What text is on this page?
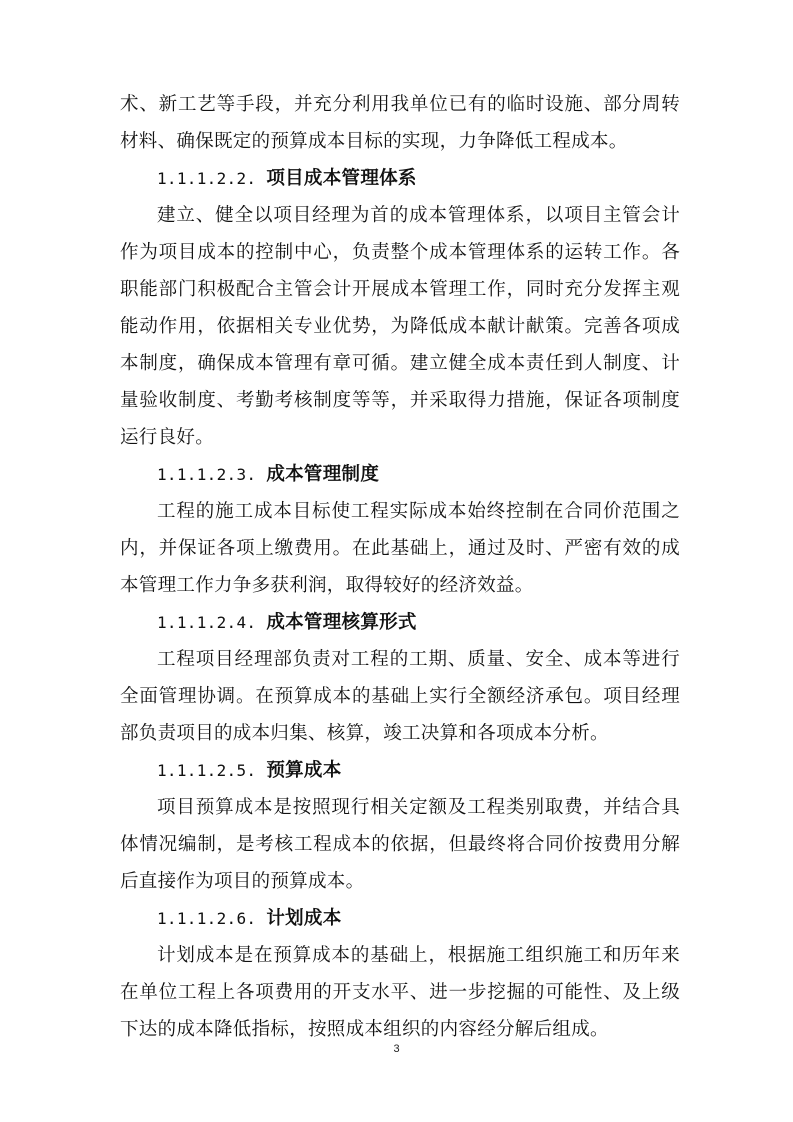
术、新工艺等手段，并充分利用我单位已有的临时设施、部分周转材料、确保既定的预算成本目标的实现，力争降低工程成本。

1.1.1.2.2. 项目成本管理体系

建立、健全以项目经理为首的成本管理体系，以项目主管会计作为项目成本的控制中心，负责整个成本管理体系的运转工作。各职能部门积极配合主管会计开展成本管理工作，同时充分发挥主观能动作用，依据相关专业优势，为降低成本献计献策。完善各项成本制度，确保成本管理有章可循。建立健全成本责任到人制度、计量验收制度、考勤考核制度等等，并采取得力措施，保证各项制度运行良好。

1.1.1.2.3. 成本管理制度

工程的施工成本目标使工程实际成本始终控制在合同价范围之内，并保证各项上缴费用。在此基础上，通过及时、严密有效的成本管理工作力争多获利润，取得较好的经济效益。

1.1.1.2.4. 成本管理核算形式

工程项目经理部负责对工程的工期、质量、安全、成本等进行全面管理协调。在预算成本的基础上实行全额经济承包。项目经理部负责项目的成本归集、核算，竣工决算和各项成本分析。

1.1.1.2.5. 预算成本

项目预算成本是按照现行相关定额及工程类别取费，并结合具体情况编制，是考核工程成本的依据，但最终将合同价按费用分解后直接作为项目的预算成本。

1.1.1.2.6. 计划成本

计划成本是在预算成本的基础上，根据施工组织施工和历年来在单位工程上各项费用的开支水平、进一步挖掘的可能性、及上级下达的成本降低指标，按照成本组织的内容经分解后组成。

3
